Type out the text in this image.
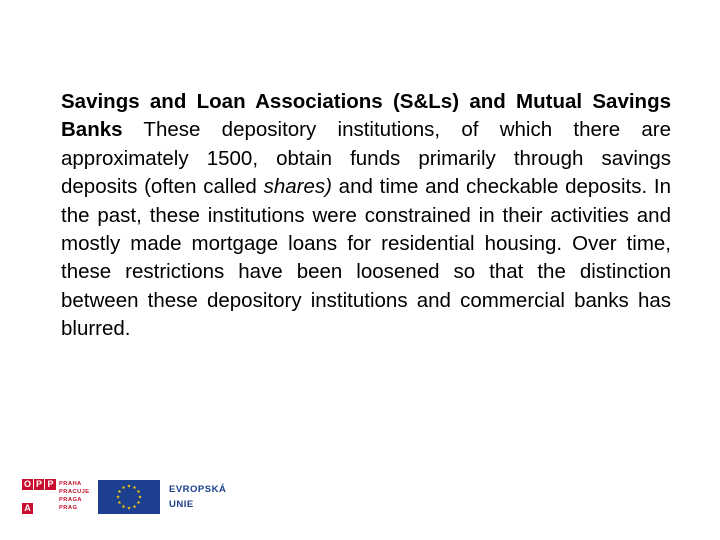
Savings and Loan Associations (S&Ls) and Mutual Savings Banks These depository institutions, of which there are approximately 1500, obtain funds primarily through savings deposits (often called shares) and time and checkable deposits. In the past, these institutions were constrained in their activities and mostly made mortgage loans for residential housing. Over time, these restrictions have been loosened so that the distinction between these depository institutions and commercial banks has blurred.
O P P
A
PRAHA
PRACUJE
PRAGA
PRAG
EVROPSKÁ
UNIE
